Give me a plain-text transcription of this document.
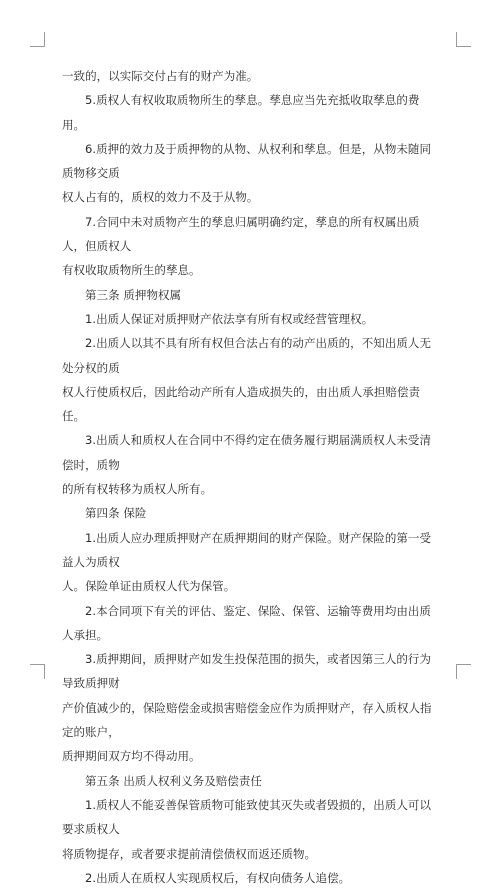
一致的，以实际交付占有的财产为准。

5.质权人有权收取质物所生的孳息。孳息应当先充抵收取孳息的费用。

6.质押的效力及于质押物的从物、从权利和孳息。但是，从物未随同质物移交质

权人占有的，质权的效力不及于从物。

7.合同中未对质物产生的孳息归属明确约定，孳息的所有权属出质人，但质权人

有权收取质物所生的孳息。

第三条 质押物权属

1.出质人保证对质押财产依法享有所有权或经营管理权。

2.出质人以其不具有所有权但合法占有的动产出质的，不知出质人无处分权的质

权人行使质权后，因此给动产所有人造成损失的，由出质人承担赔偿责任。

3.出质人和质权人在合同中不得约定在债务履行期届满质权人未受清偿时，质物

的所有权转移为质权人所有。

第四条 保险

1.出质人应办理质押财产在质押期间的财产保险。财产保险的第一受益人为质权

人。保险单证由质权人代为保管。

2.本合同项下有关的评估、鉴定、保险、保管、运输等费用均由出质人承担。

3.质押期间，质押财产如发生投保范围的损失，或者因第三人的行为导致质押财

产价值减少的，保险赔偿金或损害赔偿金应作为质押财产，存入质权人指定的账户，

质押期间双方均不得动用。

第五条 出质人权利义务及赔偿责任

1.质权人不能妥善保管质物可能致使其灭失或者毁损的，出质人可以要求质权人

将质物提存，或者要求提前清偿债权而返还质物。

2.出质人在质权人实现质权后，有权向债务人追偿。
